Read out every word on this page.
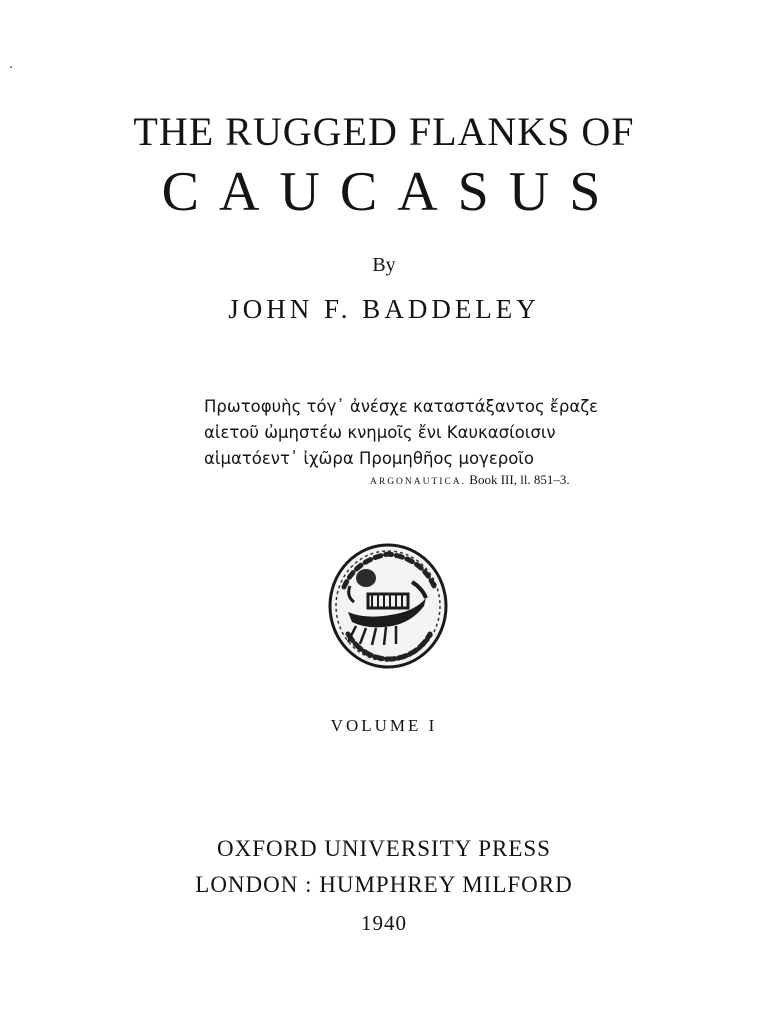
THE RUGGED FLANKS OF
CAUCASUS
By
JOHN F. BADDELEY
Πρωτοφυὴς τόγ᾽ ἀνέσχε καταστάξαντος ἔραζε
αἰετοῦ ὠμηστέω κνημοῖς ἔνι Καυκασίοισιν
αἱματόεντ᾽ ἰχῶρα Προμηθῆος μογεροῖο
ARGONAUTICA. Book III, ll. 851–3.
VOLUME I
OXFORD UNIVERSITY PRESS
LONDON : HUMPHREY MILFORD
1940
